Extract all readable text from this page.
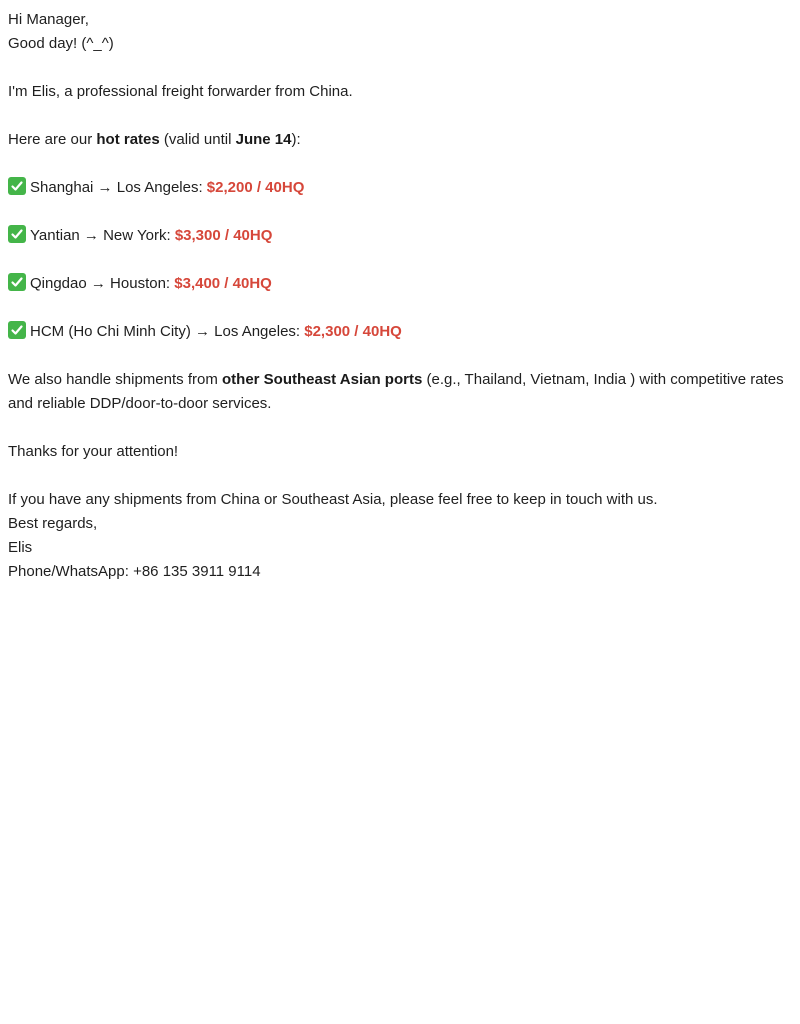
Hi Manager,

Good day! (^_^)

I'm Elis, a professional freight forwarder from China.

Here are our hot rates (valid until June 14):

Shanghai → Los Angeles: $2,200 / 40HQ

Yantian → New York: $3,300 / 40HQ

Qingdao → Houston: $3,400 / 40HQ

HCM (Ho Chi Minh City) → Los Angeles: $2,300 / 40HQ

We also handle shipments from other Southeast Asian ports (e.g., Thailand, Vietnam, India ) with competitive rates

and reliable DDP/door-to-door services.

Thanks for your attention!

If you have any shipments from China or Southeast Asia, please feel free to keep in touch with us.

Best regards,

Elis

Phone/WhatsApp: +86 135 3911 9114
